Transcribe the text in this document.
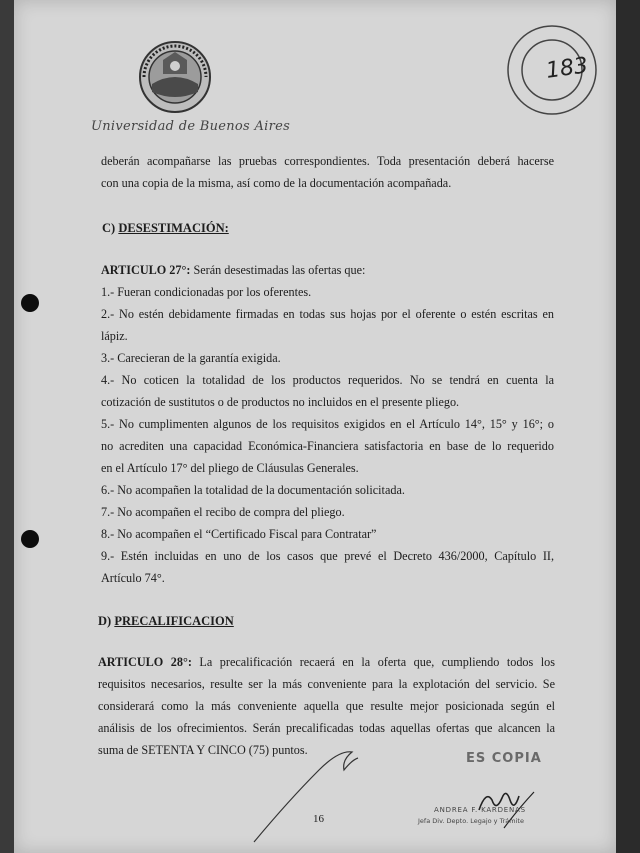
Universidad de Buenos Aires
183
deberán acompañarse las pruebas correspondientes. Toda presentación deberá hacerse
con una copia de la misma, así como de la documentación acompañada.
C) DESESTIMACIÓN:
ARTICULO 27°: Serán desestimadas las ofertas que:
1.- Fueran condicionadas por los oferentes.
2.- No estén debidamente firmadas en todas sus hojas por el oferente o estén escritas en
lápiz.
3.- Carecieran de la garantía exigida.
4.- No coticen la totalidad de los productos requeridos. No se tendrá en cuenta la
cotización de sustitutos o de productos no incluidos en el presente pliego.
5.- No cumplimenten algunos de los requisitos exigidos en el Artículo 14°, 15° y 16°; o
no acrediten una capacidad Económica-Financiera satisfactoria en base de lo requerido
en el Artículo 17° del pliego de Cláusulas Generales.
6.- No acompañen la totalidad de la documentación solicitada.
7.- No acompañen el recibo de compra del pliego.
8.- No acompañen el “Certificado Fiscal para Contratar”
9.- Estén incluidas en uno de los casos que prevé el Decreto 436/2000, Capítulo II,
Artículo 74°.
D) PRECALIFICACION
ARTICULO 28°: La precalificación recaerá en la oferta que, cumpliendo todos los
requisitos necesarios, resulte ser la más conveniente para la explotación del servicio. Se
considerará como la más conveniente aquella que resulte mejor posicionada según el
análisis de los ofrecimientos. Serán precalificadas todas aquellas ofertas que alcancen la
suma de SETENTA Y CINCO (75) puntos.
ES COPIA
ANDREA F. KARDENAS
Jefa Div. Depto. Legajo y Trámite
16
